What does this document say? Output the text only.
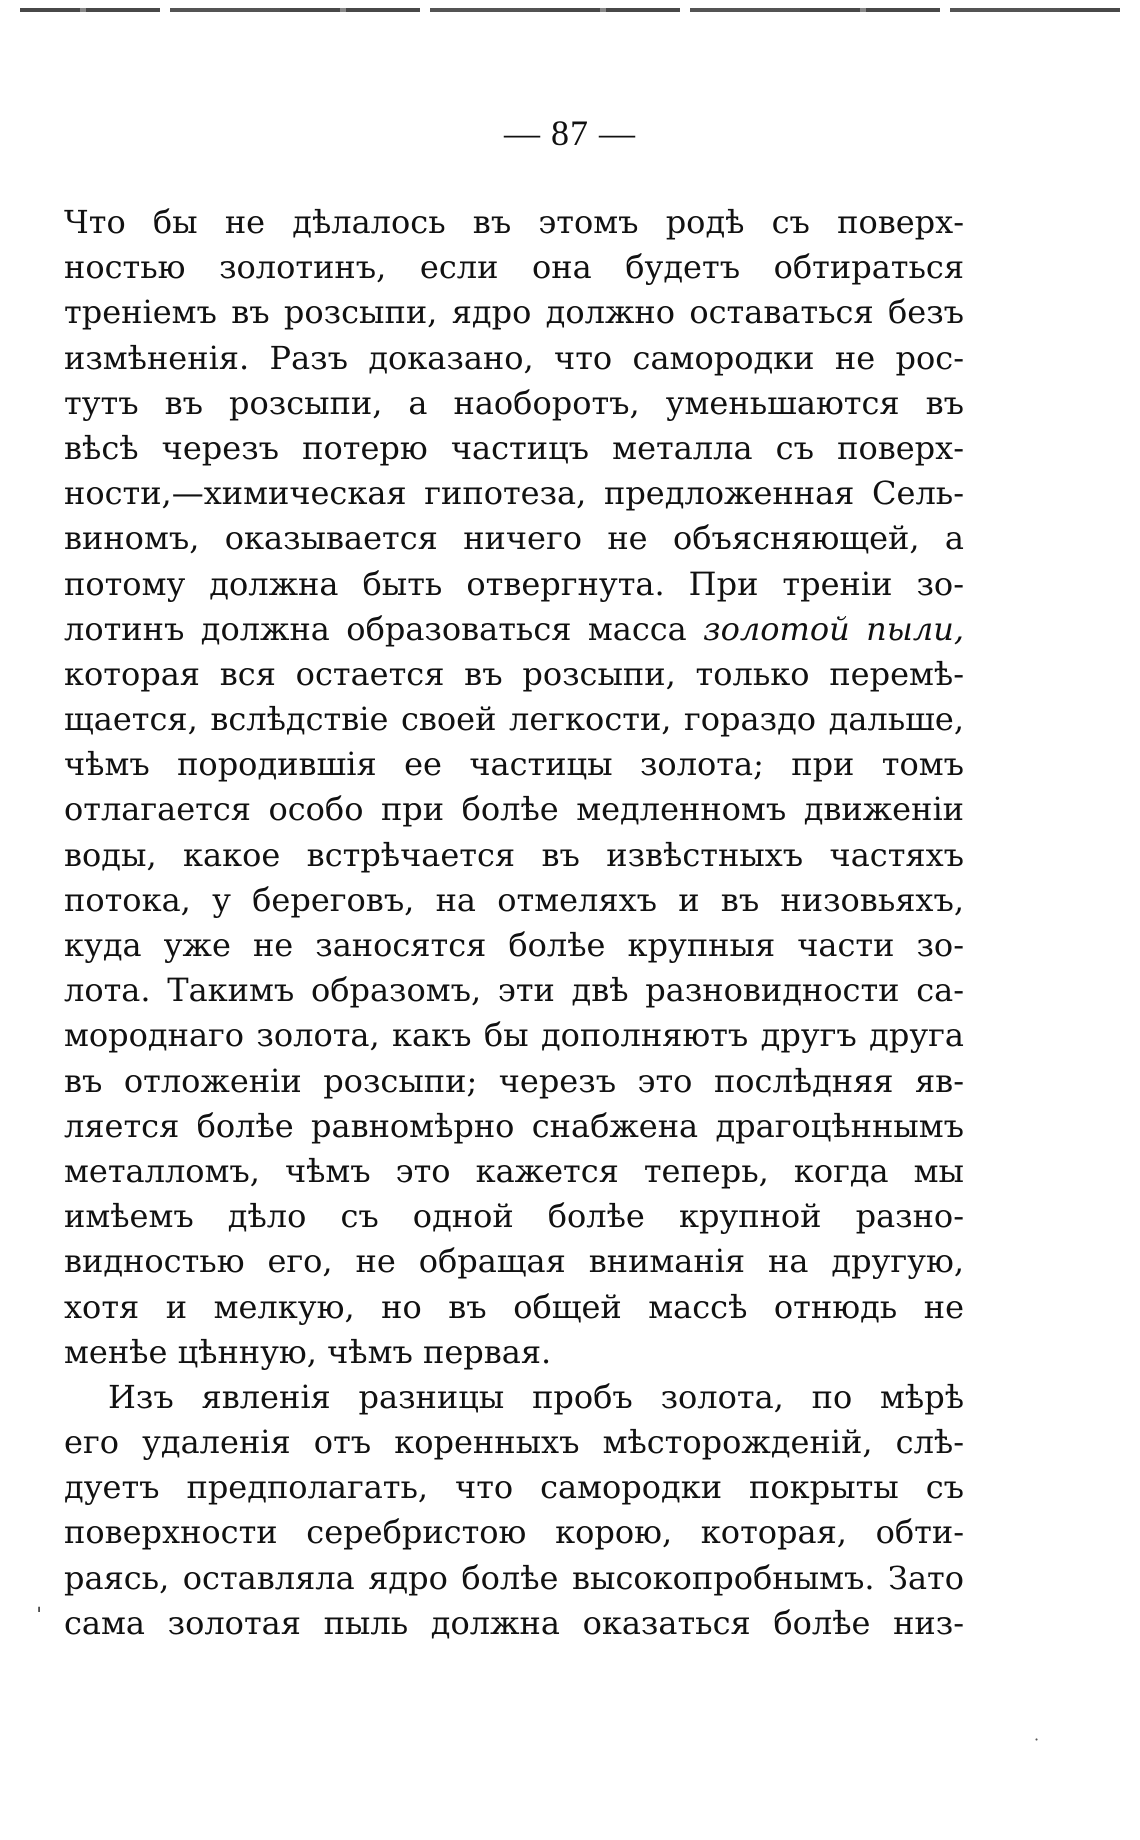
— 87 —
Что бы не дѣлалось въ этомъ родѣ съ поверх-
ностью золотинъ, если она будетъ обтираться
треніемъ въ розсыпи, ядро должно оставаться безъ
измѣненія. Разъ доказано, что самородки не рос-
тутъ въ розсыпи, а наоборотъ, уменьшаются въ
вѣсѣ черезъ потерю частицъ металла съ поверх-
ности,—химическая гипотеза, предложенная Сель-
виномъ, оказывается ничего не объясняющей, а
потому должна быть отвергнута. При треніи зо-
лотинъ должна образоваться масса золотой пыли,
которая вся остается въ розсыпи, только перемѣ-
щается, вслѣдствіе своей легкости, гораздо дальше,
чѣмъ породившія ее частицы золота; при томъ
отлагается особо при болѣе медленномъ движеніи
воды, какое встрѣчается въ извѣстныхъ частяхъ
потока, у береговъ, на отмеляхъ и въ низовьяхъ,
куда уже не заносятся болѣе крупныя части зо-
лота. Такимъ образомъ, эти двѣ разновидности са-
мороднаго золота, какъ бы дополняютъ другъ друга
въ отложеніи розсыпи; черезъ это послѣдняя яв-
ляется болѣе равномѣрно снабжена драгоцѣннымъ
металломъ, чѣмъ это кажется теперь, когда мы
имѣемъ дѣло съ одной болѣе крупной разно-
видностью его, не обращая вниманія на другую,
хотя и мелкую, но въ общей массѣ отнюдь не
менѣе цѣнную, чѣмъ первая.
Изъ явленія разницы пробъ золота, по мѣрѣ
его удаленія отъ коренныхъ мѣсторожденій, слѣ-
дуетъ предполагать, что самородки покрыты съ
поверхности серебристою корою, которая, обти-
раясь, оставляла ядро болѣе высокопробнымъ. Зато
сама золотая пыль должна оказаться болѣе низ-
ˌ
·
